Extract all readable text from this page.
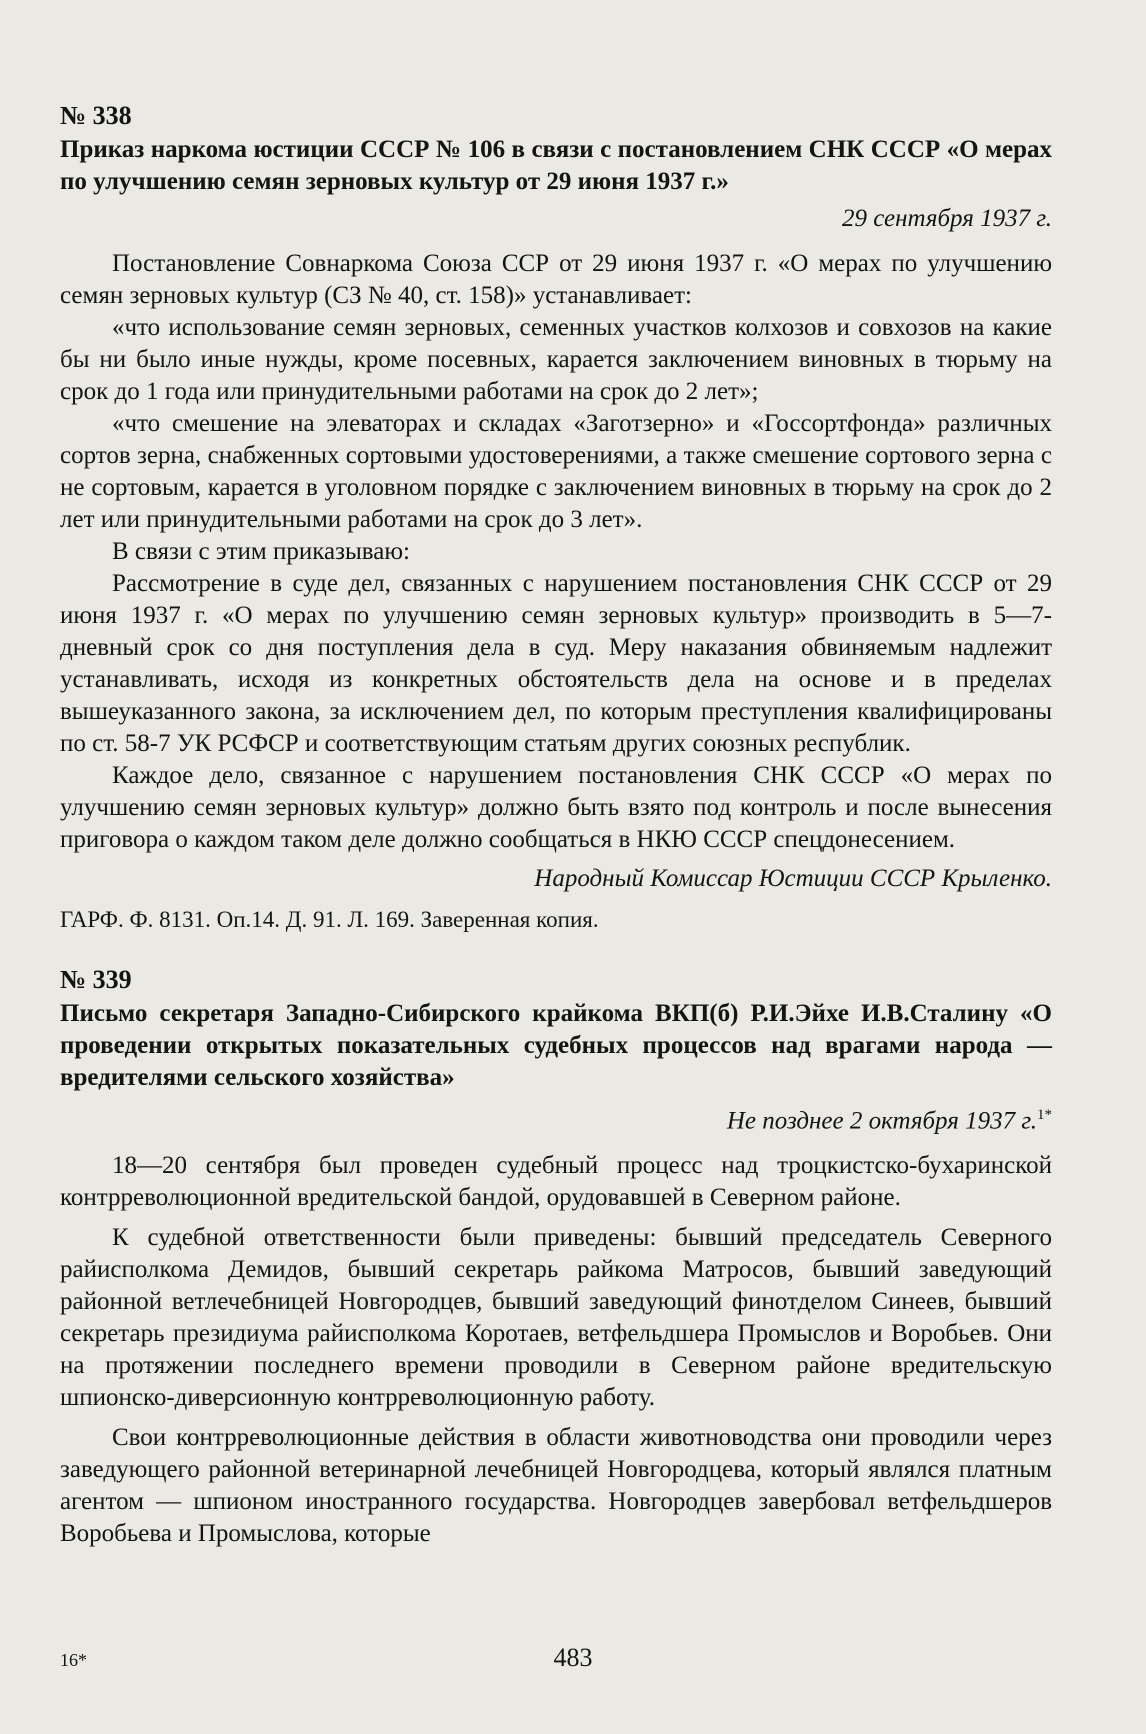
№ 338
Приказ наркома юстиции СССР № 106 в связи с постановлением СНК СССР «О мерах по улучшению семян зерновых культур от 29 июня 1937 г.»
29 сентября 1937 г.

Постановление Совнаркома Союза ССР от 29 июня 1937 г. «О мерах по улучшению семян зерновых культур (СЗ № 40, ст. 158)» устанавливает:

«что использование семян зерновых, семенных участков колхозов и совхозов на какие бы ни было иные нужды, кроме посевных, карается заключением виновных в тюрьму на срок до 1 года или принудительными работами на срок до 2 лет»;

«что смешение на элеваторах и складах «Заготзерно» и «Госсортфонда» различных сортов зерна, снабженных сортовыми удостоверениями, а также смешение сортового зерна с не сортовым, карается в уголовном порядке с заключением виновных в тюрьму на срок до 2 лет или принудительными работами на срок до 3 лет».

В связи с этим приказываю:

Рассмотрение в суде дел, связанных с нарушением постановления СНК СССР от 29 июня 1937 г. «О мерах по улучшению семян зерновых культур» производить в 5—7-дневный срок со дня поступления дела в суд. Меру наказания обвиняемым надлежит устанавливать, исходя из конкретных обстоятельств дела на основе и в пределах вышеуказанного закона, за исключением дел, по которым преступления квалифицированы по ст. 58-7 УК РСФСР и соответствующим статьям других союзных республик.

Каждое дело, связанное с нарушением постановления СНК СССР «О мерах по улучшению семян зерновых культур» должно быть взято под контроль и после вынесения приговора о каждом таком деле должно сообщаться в НКЮ СССР спецдонесением.

Народный Комиссар Юстиции СССР Крыленко.
ГАРФ. Ф. 8131. Оп.14. Д. 91. Л. 169. Заверенная копия.
№ 339
Письмо секретаря Западно-Сибирского крайкома ВКП(б) Р.И.Эйхе И.В.Сталину «О проведении открытых показательных судебных процессов над врагами народа — вредителями сельского хозяйства»
Не позднее 2 октября 1937 г.$^{1*}$

18—20 сентября был проведен судебный процесс над троцкистско-бухаринской контрреволюционной вредительской бандой, орудовавшей в Северном районе.

К судебной ответственности были приведены: бывший председатель Северного райисполкома Демидов, бывший секретарь райкома Матросов, бывший заведующий районной ветлечебницей Новгородцев, бывший заведующий финотделом Синеев, бывший секретарь президиума райисполкома Коротаев, ветфельдшера Промыслов и Воробьев. Они на протяжении последнего времени проводили в Северном районе вредительскую шпионско-диверсионную контрреволюционную работу.

Свои контрреволюционные действия в области животноводства они проводили через заведующего районной ветеринарной лечебницей Новгородцева, который являлся платным агентом — шпионом иностранного государства. Новгородцев завербовал ветфельдшеров Воробьева и Промыслова, которые

16*	483
